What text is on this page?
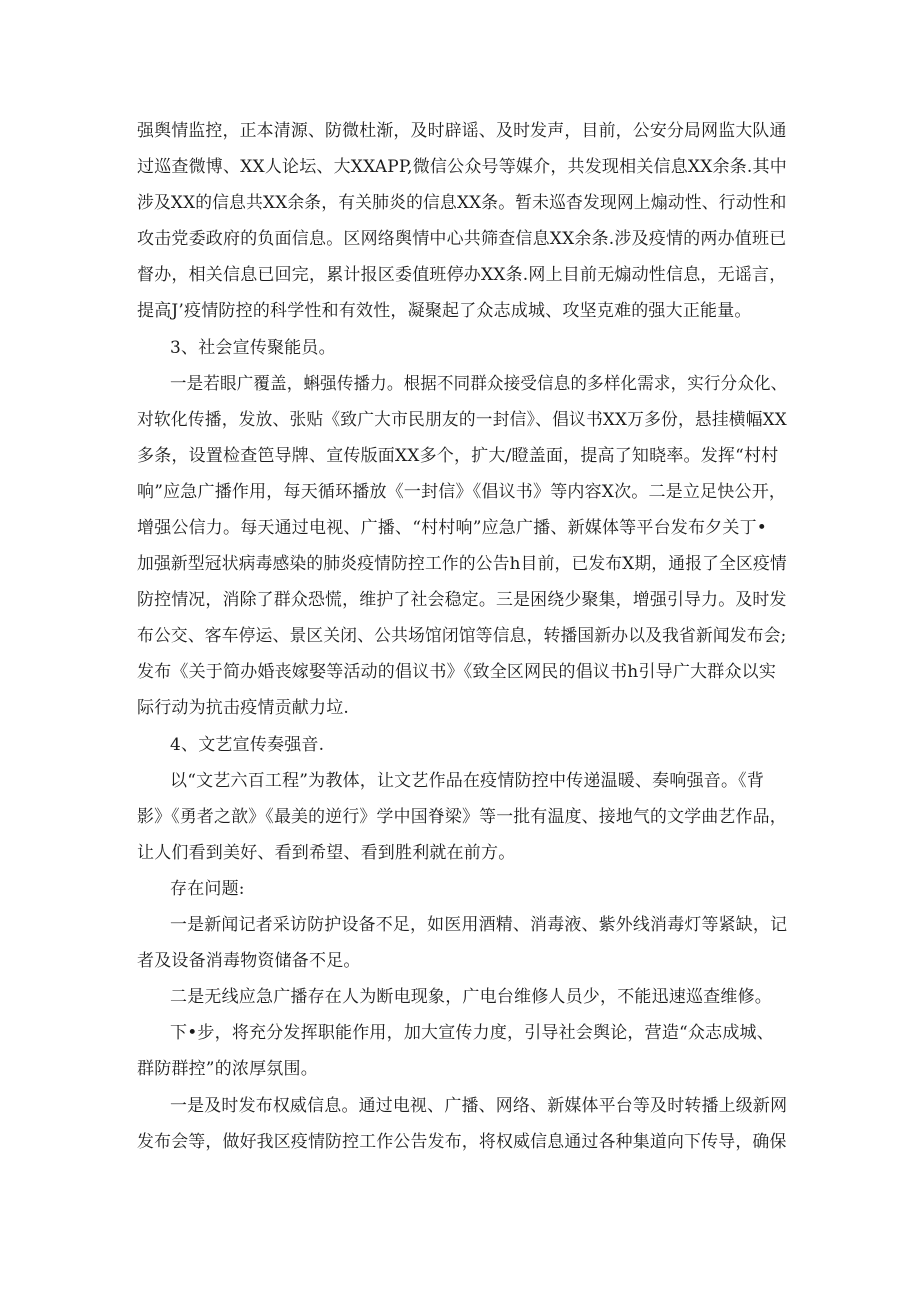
强舆情监控，正本清源、防微杜渐，及时辟谣、及时发声，目前，公安分局网监大队通
过巡查微博、XX人论坛、大XXAPP,微信公众号等媒介，共发现相关信息XX余条.其中
涉及XX的信息共XX余条，有关肺炎的信息XX条。暂未巡杳发现网上煽动性、行动性和
攻击党委政府的负面信息。区网络舆情中心共筛查信息XX余条.涉及疫情的两办值班已
督办，相关信息已回完，累计报区委值班停办XX条.网上目前无煽动性信息，无谣言，
提高J’疫情防控的科学性和有效性，凝聚起了众志成城、攻坚克难的强大正能量。
3、社会宣传聚能员。
一是若眼广覆盖，蝌强传播力。根据不同群众接受信息的多样化需求，实行分众化、
对软化传播，发放、张贴《致广大市民朋友的一封信》、倡议书XX万多份，悬挂横幅XX
多条，设置检查笆导牌、宣传版面XX多个，扩大/瞪盖面，提高了知晓率。发挥“村村
响”应急广播作用，每天循环播放《一封信》《倡议书》等内容X次。二是立足快公开，
增强公信力。每天通过电视、广播、“村村响”应急广播、新媒体等平台发布夕关丁•
加强新型冠状病毒感染的肺炎疫情防控工作的公告h目前，已发布X期，通报了全区疫情
防控情况，消除了群众恐慌，维护了社会稳定。三是困绕少聚集，增强引导力。及时发
布公交、客车停运、景区关闭、公共场馆闭馆等信息，转播国新办以及我省新闻发布会;
发布《关于简办婚丧嫁娶等活动的倡议书》《致全区网民的倡议书h引导广大群众以实
际行动为抗击疫情贡献力垃.
4、文艺宣传奏强音.
以“文艺六百工程”为教体，让文艺作品在疫情防控中传递温暖、奏响强音。《背
影》《勇者之歆》《最美的逆行》学中国脊梁》等一批有温度、接地气的文学曲艺作品，
让人们看到美好、看到希望、看到胜利就在前方。
存在问题:
一是新闻记者采访防护设备不足，如医用酒精、消毒液、紫外线消毒灯等紧缺，记
者及设备消毒物资储备不足。
二是无线应急广播存在人为断电现象，广电台维修人员少，不能迅速巡查维修。
下•步，将充分发挥职能作用，加大宣传力度，引导社会舆论，营造“众志成城、
群防群控”的浓厚氛围。
一是及时发布权威信息。通过电视、广播、网络、新媒体平台等及时转播上级新网
发布会等，做好我区疫情防控工作公告发布，将权威信息通过各种集道向下传导，确保
